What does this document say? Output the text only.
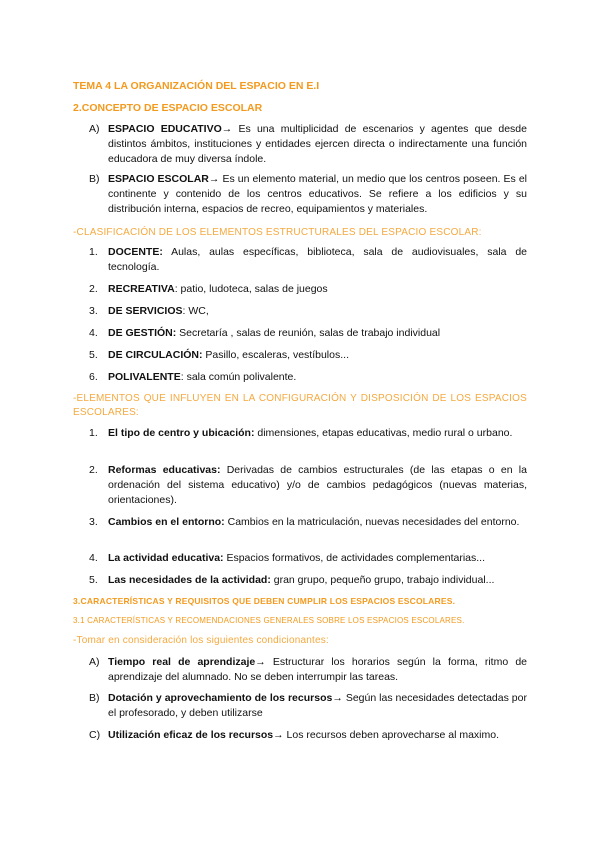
TEMA 4 LA ORGANIZACIÓN DEL ESPACIO EN E.I
2.CONCEPTO DE ESPACIO ESCOLAR
A) ESPACIO EDUCATIVO→ Es una multiplicidad de escenarios y agentes que desde distintos ámbitos, instituciones y entidades ejercen directa o indirectamente una función educadora de muy diversa índole.
B) ESPACIO ESCOLAR→ Es un elemento material, un medio que los centros poseen. Es el continente y contenido de los centros educativos. Se refiere a los edificios y su distribución interna, espacios de recreo, equipamientos y materiales.
-CLASIFICACIÓN DE LOS ELEMENTOS ESTRUCTURALES DEL ESPACIO ESCOLAR:
1. DOCENTE: Aulas, aulas específicas, biblioteca, sala de audiovisuales, sala de tecnología.
2. RECREATIVA: patio, ludoteca, salas de juegos
3. DE SERVICIOS: WC,
4. DE GESTIÓN: Secretaría , salas de reunión, salas de trabajo individual
5. DE CIRCULACIÓN: Pasillo, escaleras, vestíbulos...
6. POLIVALENTE: sala común polivalente.
-ELEMENTOS QUE INFLUYEN EN LA CONFIGURACIÓN Y DISPOSICIÓN DE LOS ESPACIOS ESCOLARES:
1. El tipo de centro y ubicación: dimensiones, etapas educativas, medio rural o urbano.
2. Reformas educativas: Derivadas de cambios estructurales (de las etapas o en la ordenación del sistema educativo) y/o de cambios pedagógicos (nuevas materias, orientaciones).
3. Cambios en el entorno: Cambios en la matriculación, nuevas necesidades del entorno.
4. La actividad educativa: Espacios formativos, de actividades complementarias...
5. Las necesidades de la actividad: gran grupo, pequeño grupo, trabajo individual...
3.CARACTERÍSTICAS Y REQUISITOS QUE DEBEN CUMPLIR LOS ESPACIOS ESCOLARES.
3.1 CARACTERÍSTICAS Y RECOMENDACIONES GENERALES SOBRE LOS ESPACIOS ESCOLARES.
-Tomar en consideración los siguientes condicionantes:
A) Tiempo real de aprendizaje→ Estructurar los horarios según la forma, ritmo de aprendizaje del alumnado. No se deben interrumpir las tareas.
B) Dotación y aprovechamiento de los recursos→ Según las necesidades detectadas por el profesorado, y deben utilizarse
C) Utilización eficaz de los recursos→ Los recursos deben aprovecharse al maximo.
